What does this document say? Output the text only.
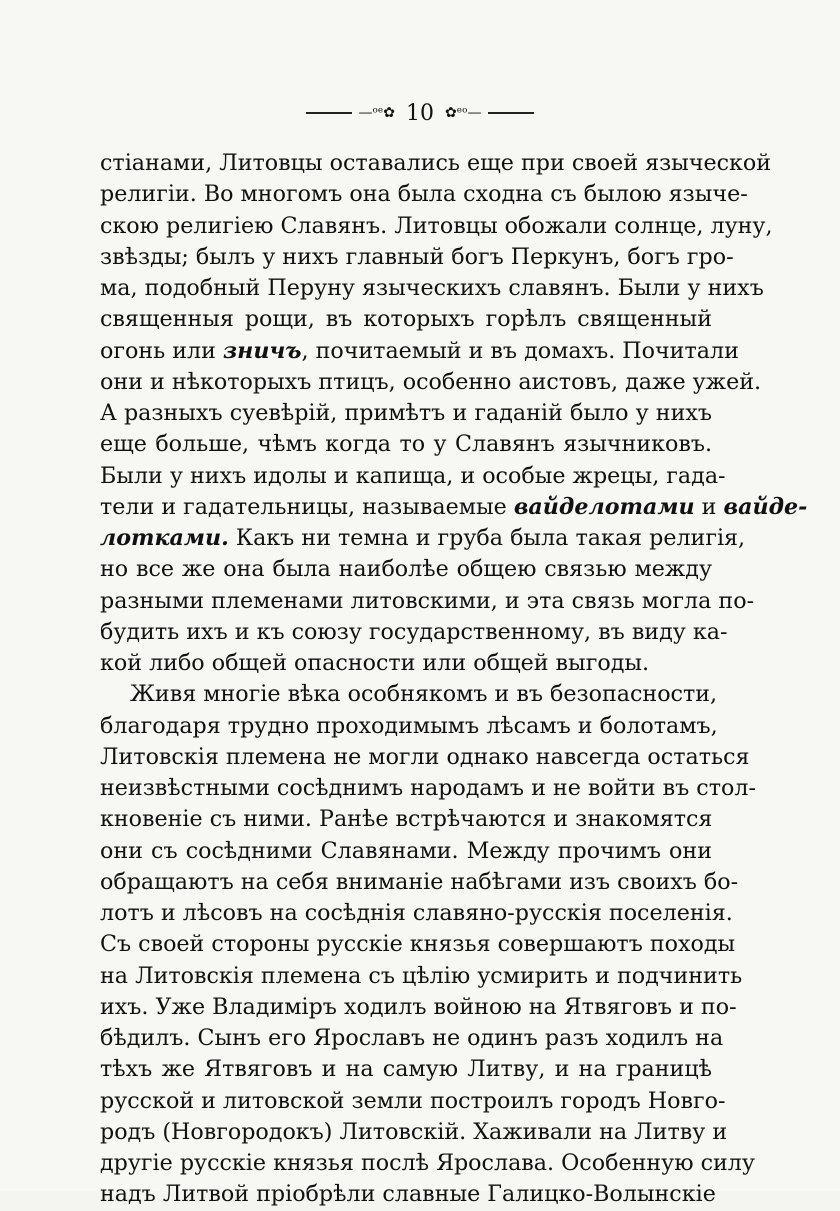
—ᵒᵉ✿ 10 ✿ᵉᵒ—
стіанами, Литовцы оставались еще при своей языческой
религіи. Во многомъ она была сходна съ былою языче-
скою религіею Славянъ. Литовцы обожали солнце, луну,
звѣзды; былъ у нихъ главный богъ Перкунъ, богъ гро-
ма, подобный Перуну языческихъ славянъ. Были у нихъ
священныя рощи, въ которыхъ горѣлъ священный
огонь или зничъ, почитаемый и въ домахъ. Почитали
они и нѣкоторыхъ птицъ, особенно аистовъ, даже ужей.
А разныхъ суевѣрій, примѣтъ и гаданій было у нихъ
еще больше, чѣмъ когда то у Славянъ язычниковъ.
Были у нихъ идолы и капища, и особые жрецы, гада-
тели и гадательницы, называемые вайделотами и вайде-
лотками. Какъ ни темна и груба была такая религія,
но все же она была наиболѣе общею связью между
разными племенами литовскими, и эта связь могла по-
будить ихъ и къ союзу государственному, въ виду ка-
кой либо общей опасности или общей выгоды.
Живя многіе вѣка особнякомъ и въ безопасности,
благодаря трудно проходимымъ лѣсамъ и болотамъ,
Литовскія племена не могли однако навсегда остаться
неизвѣстными сосѣднимъ народамъ и не войти въ стол-
кновеніе съ ними. Ранѣе встрѣчаются и знакомятся
они съ сосѣдними Славянами. Между прочимъ они
обращаютъ на себя вниманіе набѣгами изъ своихъ бо-
лотъ и лѣсовъ на сосѣднія славяно-русскія поселенія.
Съ своей стороны русскіе князья совершаютъ походы
на Литовскія племена съ цѣлію усмирить и подчинить
ихъ. Уже Владиміръ ходилъ войною на Ятвяговъ и по-
бѣдилъ. Сынъ его Ярославъ не одинъ разъ ходилъ на
тѣхъ же Ятвяговъ и на самую Литву, и на границѣ
русской и литовской земли построилъ городъ Новго-
родъ (Новгородокъ) Литовскій. Хаживали на Литву и
другіе русскіе князья послѣ Ярослава. Особенную силу
надъ Литвой пріобрѣли славные Галицко-Волынскіе
